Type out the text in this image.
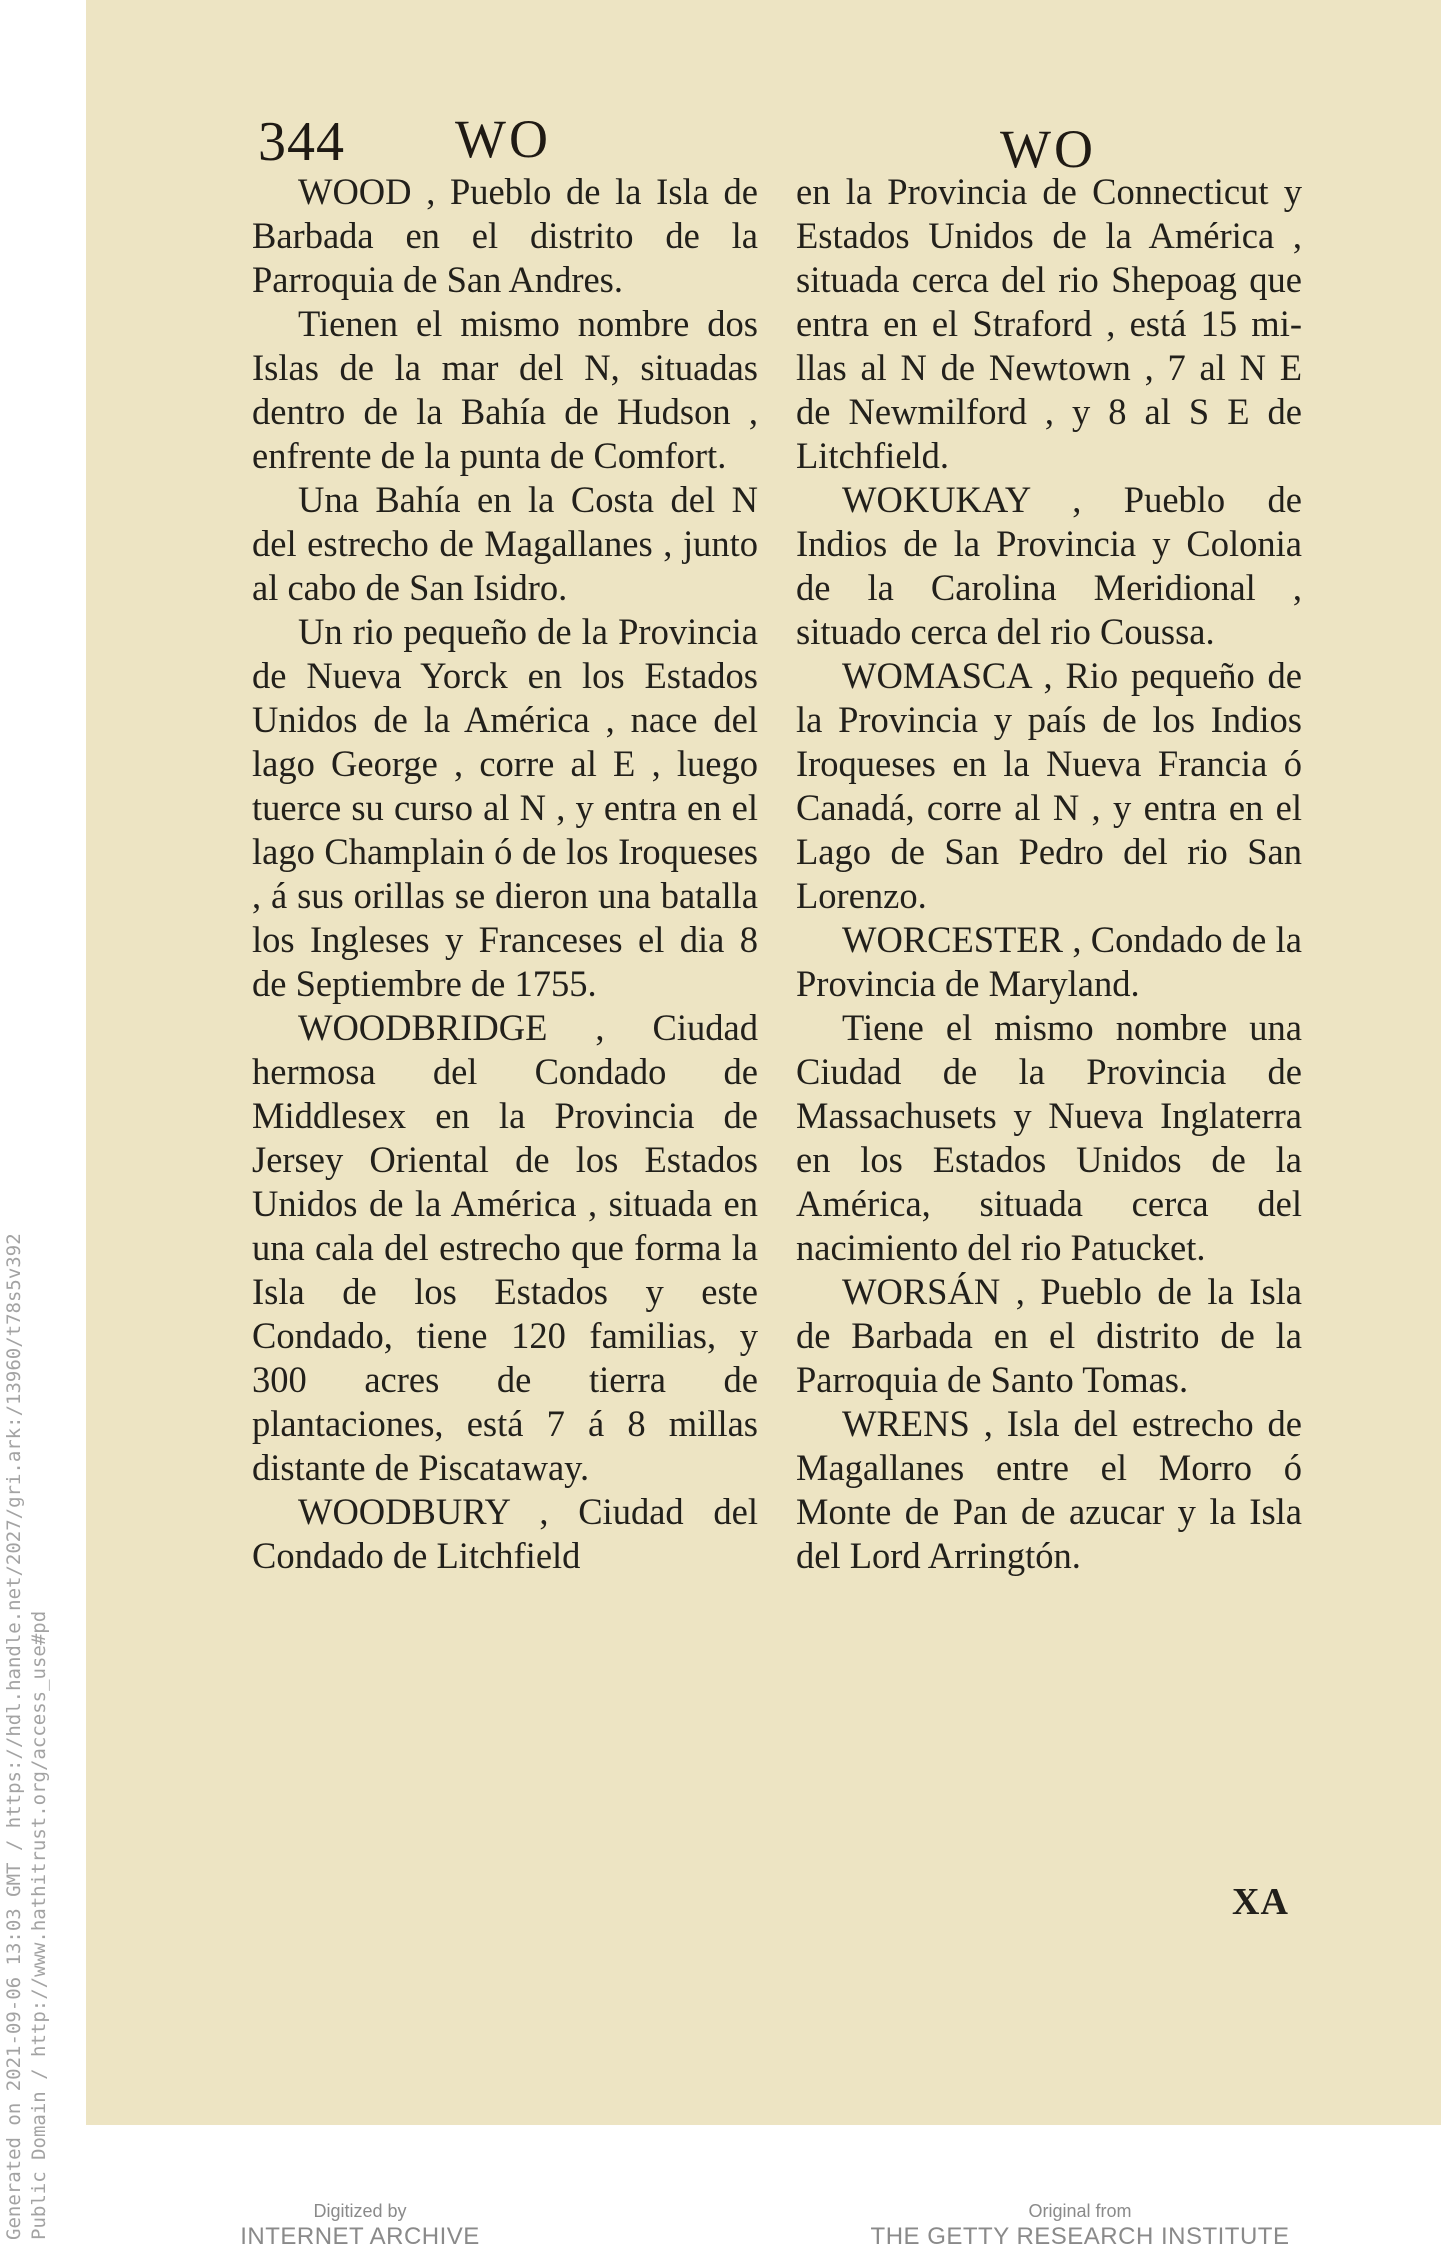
Generated on 2021-09-06 13:03 GMT / https://hdl.handle.net/2027/gri.ark:/13960/t78s5v392 Public Domain / http://www.hathitrust.org/access_use#pd
344 WO	WO

WOOD , Pueblo de la Isla de Barbada en el distrito de la Parroquia de San Andres.

Tienen el mismo nombre dos Islas de la mar del N, situadas dentro de la Bahía de Hudson , enfrente de la punta de Comfort.

Una Bahía en la Costa del N del estrecho de Magallanes , junto al cabo de San Isidro.

Un rio pequeño de la Provincia de Nueva Yorck en los Estados Unidos de la América , nace del lago George , corre al E , luego tuerce su curso al N , y entra en el lago Champlain ó de los Iroqueses , á sus orillas se dieron una batalla los Ingleses y Franceses el dia 8 de Septiembre de 1755.

WOODBRIDGE , Ciudad hermosa del Condado de Middlesex en la Provincia de Jersey Oriental de los Estados Unidos de la América , situada en una cala del estrecho que forma la Isla de los Estados y este Condado, tiene 120 familias, y 300 acres de tierra de plantaciones, está 7 á 8 millas distante de Piscataway.

WOODBURY , Ciudad del Condado de Litchfield

en la Provincia de Connecticut y Estados Unidos de la América , situada cerca del rio Shepoag que entra en el Straford , está 15 millas al N de Newtown , 7 al N E de Newmilford , y 8 al S E de Litchfield.

WOKUKAY , Pueblo de Indios de la Provincia y Colonia de la Carolina Meridional , situado cerca del rio Coussa.

WOMASCA , Rio pequeño de la Provincia y país de los Indios Iroqueses en la Nueva Francia ó Canadá, corre al N , y entra en el Lago de San Pedro del rio San Lorenzo.

WORCESTER , Condado de la Provincia de Maryland.

Tiene el mismo nombre una Ciudad de la Provincia de Massachusets y Nueva Inglaterra en los Estados Unidos de la América, situada cerca del nacimiento del rio Patucket.

WORSÁN , Pueblo de la Isla de Barbada en el distrito de la Parroquia de Santo Tomas.

WRENS , Isla del estrecho de Magallanes entre el Morro ó Monte de Pan de azucar y la Isla del Lord Arringtón.

XA
Digitized by
INTERNET ARCHIVE
Original from
THE GETTY RESEARCH INSTITUTE
